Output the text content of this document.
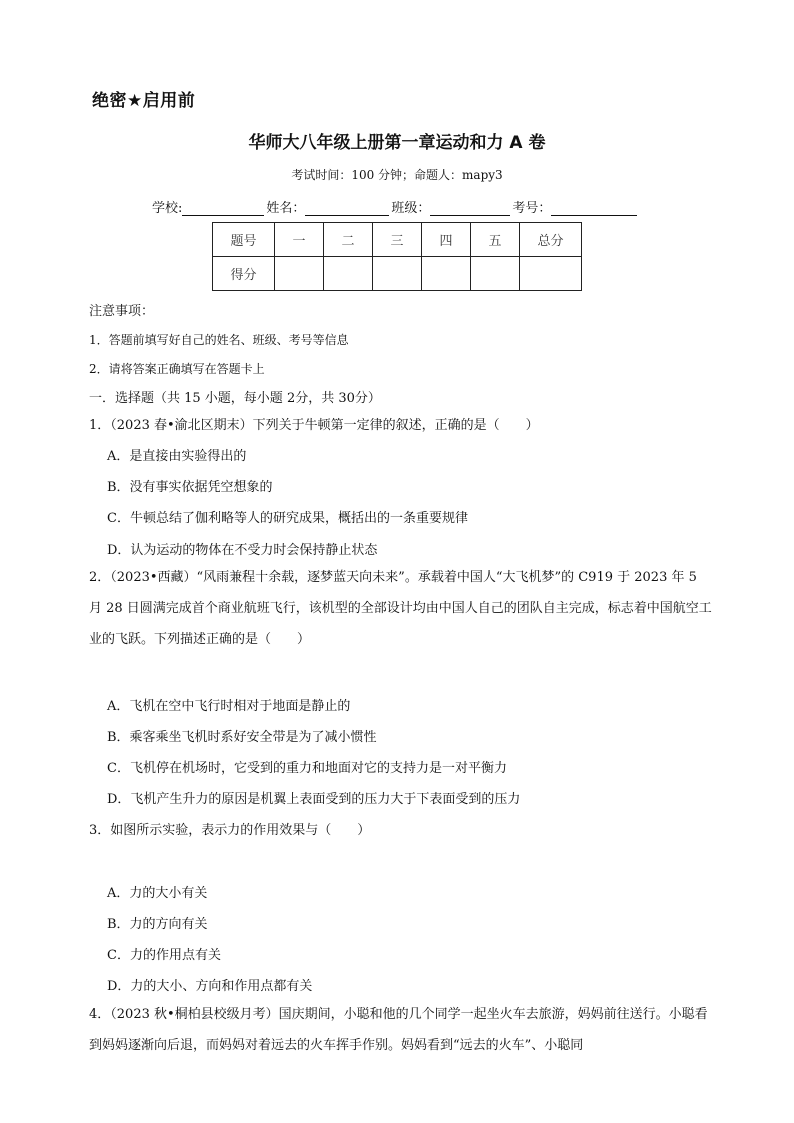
绝密★启用前
华师大八年级上册第一章运动和力 A 卷
考试时间：100 分钟；命题人：mapy3
学校:	姓名：	班级：	考号：
题号	一	二	三	四	五	总分
得分						
注意事项：
1．答题前填写好自己的姓名、班级、考号等信息
2．请将答案正确填写在答题卡上
一．选择题（共 15 小题，每小题 2分，共 30分）
1．（2023 春•渝北区期末）下列关于牛顿第一定律的叙述，正确的是（　　）
A．是直接由实验得出的
B．没有事实依据凭空想象的
C．牛顿总结了伽利略等人的研究成果，概括出的一条重要规律
D．认为运动的物体在不受力时会保持静止状态
2．（2023•西藏）“风雨兼程十余载，逐梦蓝天向未来”。承载着中国人“大飞机梦”的 C919 于 2023 年 5 月 28 日圆满完成首个商业航班飞行，该机型的全部设计均由中国人自己的团队自主完成，标志着中国航空工业的飞跃。下列描述正确的是（　　）
A．飞机在空中飞行时相对于地面是静止的
B．乘客乘坐飞机时系好安全带是为了减小惯性
C．飞机停在机场时，它受到的重力和地面对它的支持力是一对平衡力
D．飞机产生升力的原因是机翼上表面受到的压力大于下表面受到的压力
3．如图所示实验，表示力的作用效果与（　　）
A．力的大小有关
B．力的方向有关
C．力的作用点有关
D．力的大小、方向和作用点都有关
4．（2023 秋•桐柏县校级月考）国庆期间，小聪和他的几个同学一起坐火车去旅游，妈妈前往送行。小聪看到妈妈逐渐向后退，而妈妈对着远去的火车挥手作别。妈妈看到“远去的火车”、小聪同
